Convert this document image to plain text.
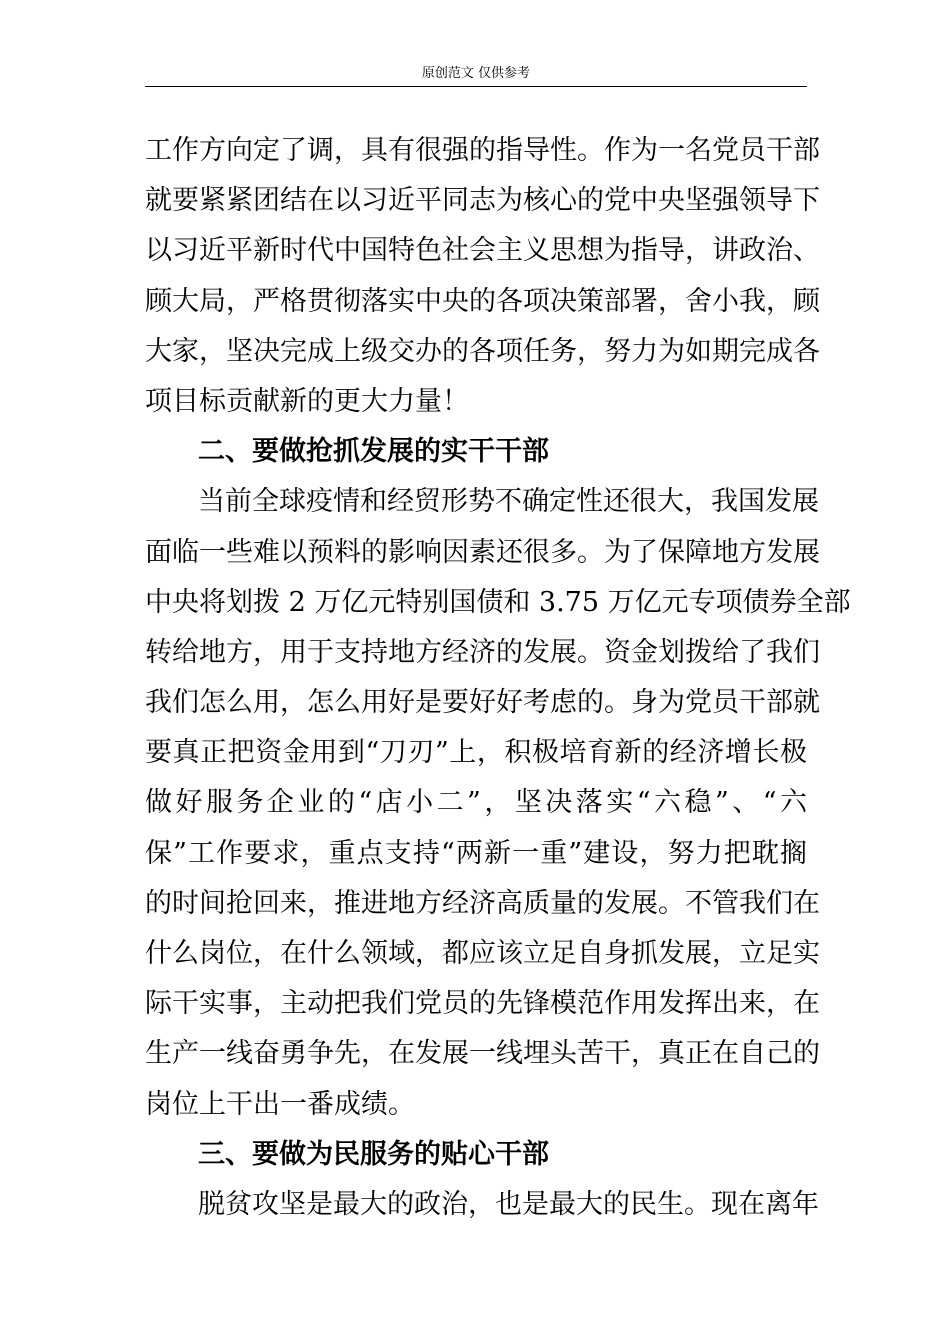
原创范文 仅供参考
工作方向定了调，具有很强的指导性。作为一名党员干部
就要紧紧团结在以习近平同志为核心的党中央坚强领导下
以习近平新时代中国特色社会主义思想为指导，讲政治、
顾大局，严格贯彻落实中央的各项决策部署，舍小我，顾
大家，坚决完成上级交办的各项任务，努力为如期完成各
项目标贡献新的更大力量！
二、要做抢抓发展的实干干部
当前全球疫情和经贸形势不确定性还很大，我国发展
面临一些难以预料的影响因素还很多。为了保障地方发展
中央将划拨 2 万亿元特别国债和 3.75 万亿元专项债券全部
转给地方，用于支持地方经济的发展。资金划拨给了我们
我们怎么用，怎么用好是要好好考虑的。身为党员干部就
要真正把资金用到“刀刃”上，积极培育新的经济增长极
做好服务企业的“店小二”，坚决落实“六稳”、“六
保”工作要求，重点支持“两新一重”建设，努力把耽搁
的时间抢回来，推进地方经济高质量的发展。不管我们在
什么岗位，在什么领域，都应该立足自身抓发展，立足实
际干实事，主动把我们党员的先锋模范作用发挥出来，在
生产一线奋勇争先，在发展一线埋头苦干，真正在自己的
岗位上干出一番成绩。
三、要做为民服务的贴心干部
脱贫攻坚是最大的政治，也是最大的民生。现在离年
